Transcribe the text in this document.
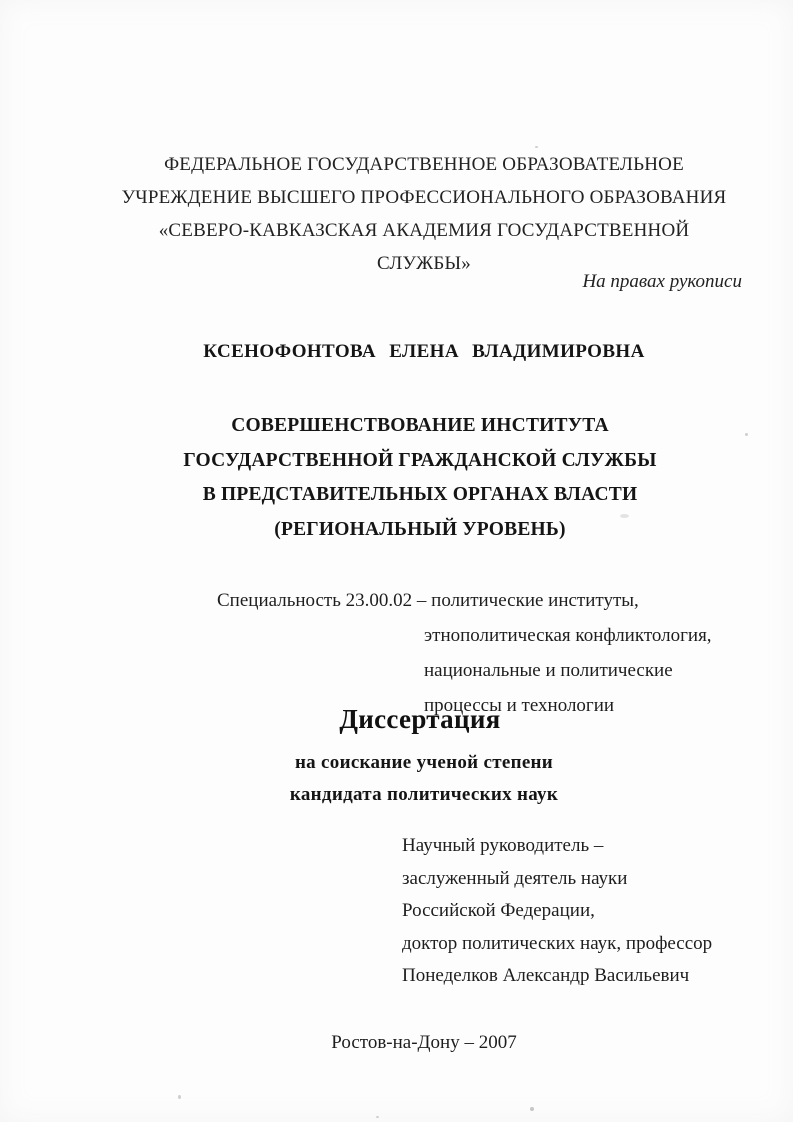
ФЕДЕРАЛЬНОЕ ГОСУДАРСТВЕННОЕ ОБРАЗОВАТЕЛЬНОЕ
УЧРЕЖДЕНИЕ ВЫСШЕГО ПРОФЕССИОНАЛЬНОГО ОБРАЗОВАНИЯ
«СЕВЕРО-КАВКАЗСКАЯ АКАДЕМИЯ ГОСУДАРСТВЕННОЙ СЛУЖБЫ»
На правах рукописи
КСЕНОФОНТОВА ЕЛЕНА ВЛАДИМИРОВНА
СОВЕРШЕНСТВОВАНИЕ ИНСТИТУТА
ГОСУДАРСТВЕННОЙ ГРАЖДАНСКОЙ СЛУЖБЫ
В ПРЕДСТАВИТЕЛЬНЫХ ОРГАНАХ ВЛАСТИ
(РЕГИОНАЛЬНЫЙ УРОВЕНЬ)
Специальность 23.00.02 – политические институты,
этнополитическая конфликтология,
национальные и политические
процессы и технологии
Диссертация
на соискание ученой степени
кандидата политических наук
Научный руководитель –
заслуженный деятель науки
Российской Федерации,
доктор политических наук, профессор
Понеделков Александр Васильевич
Ростов-на-Дону – 2007
